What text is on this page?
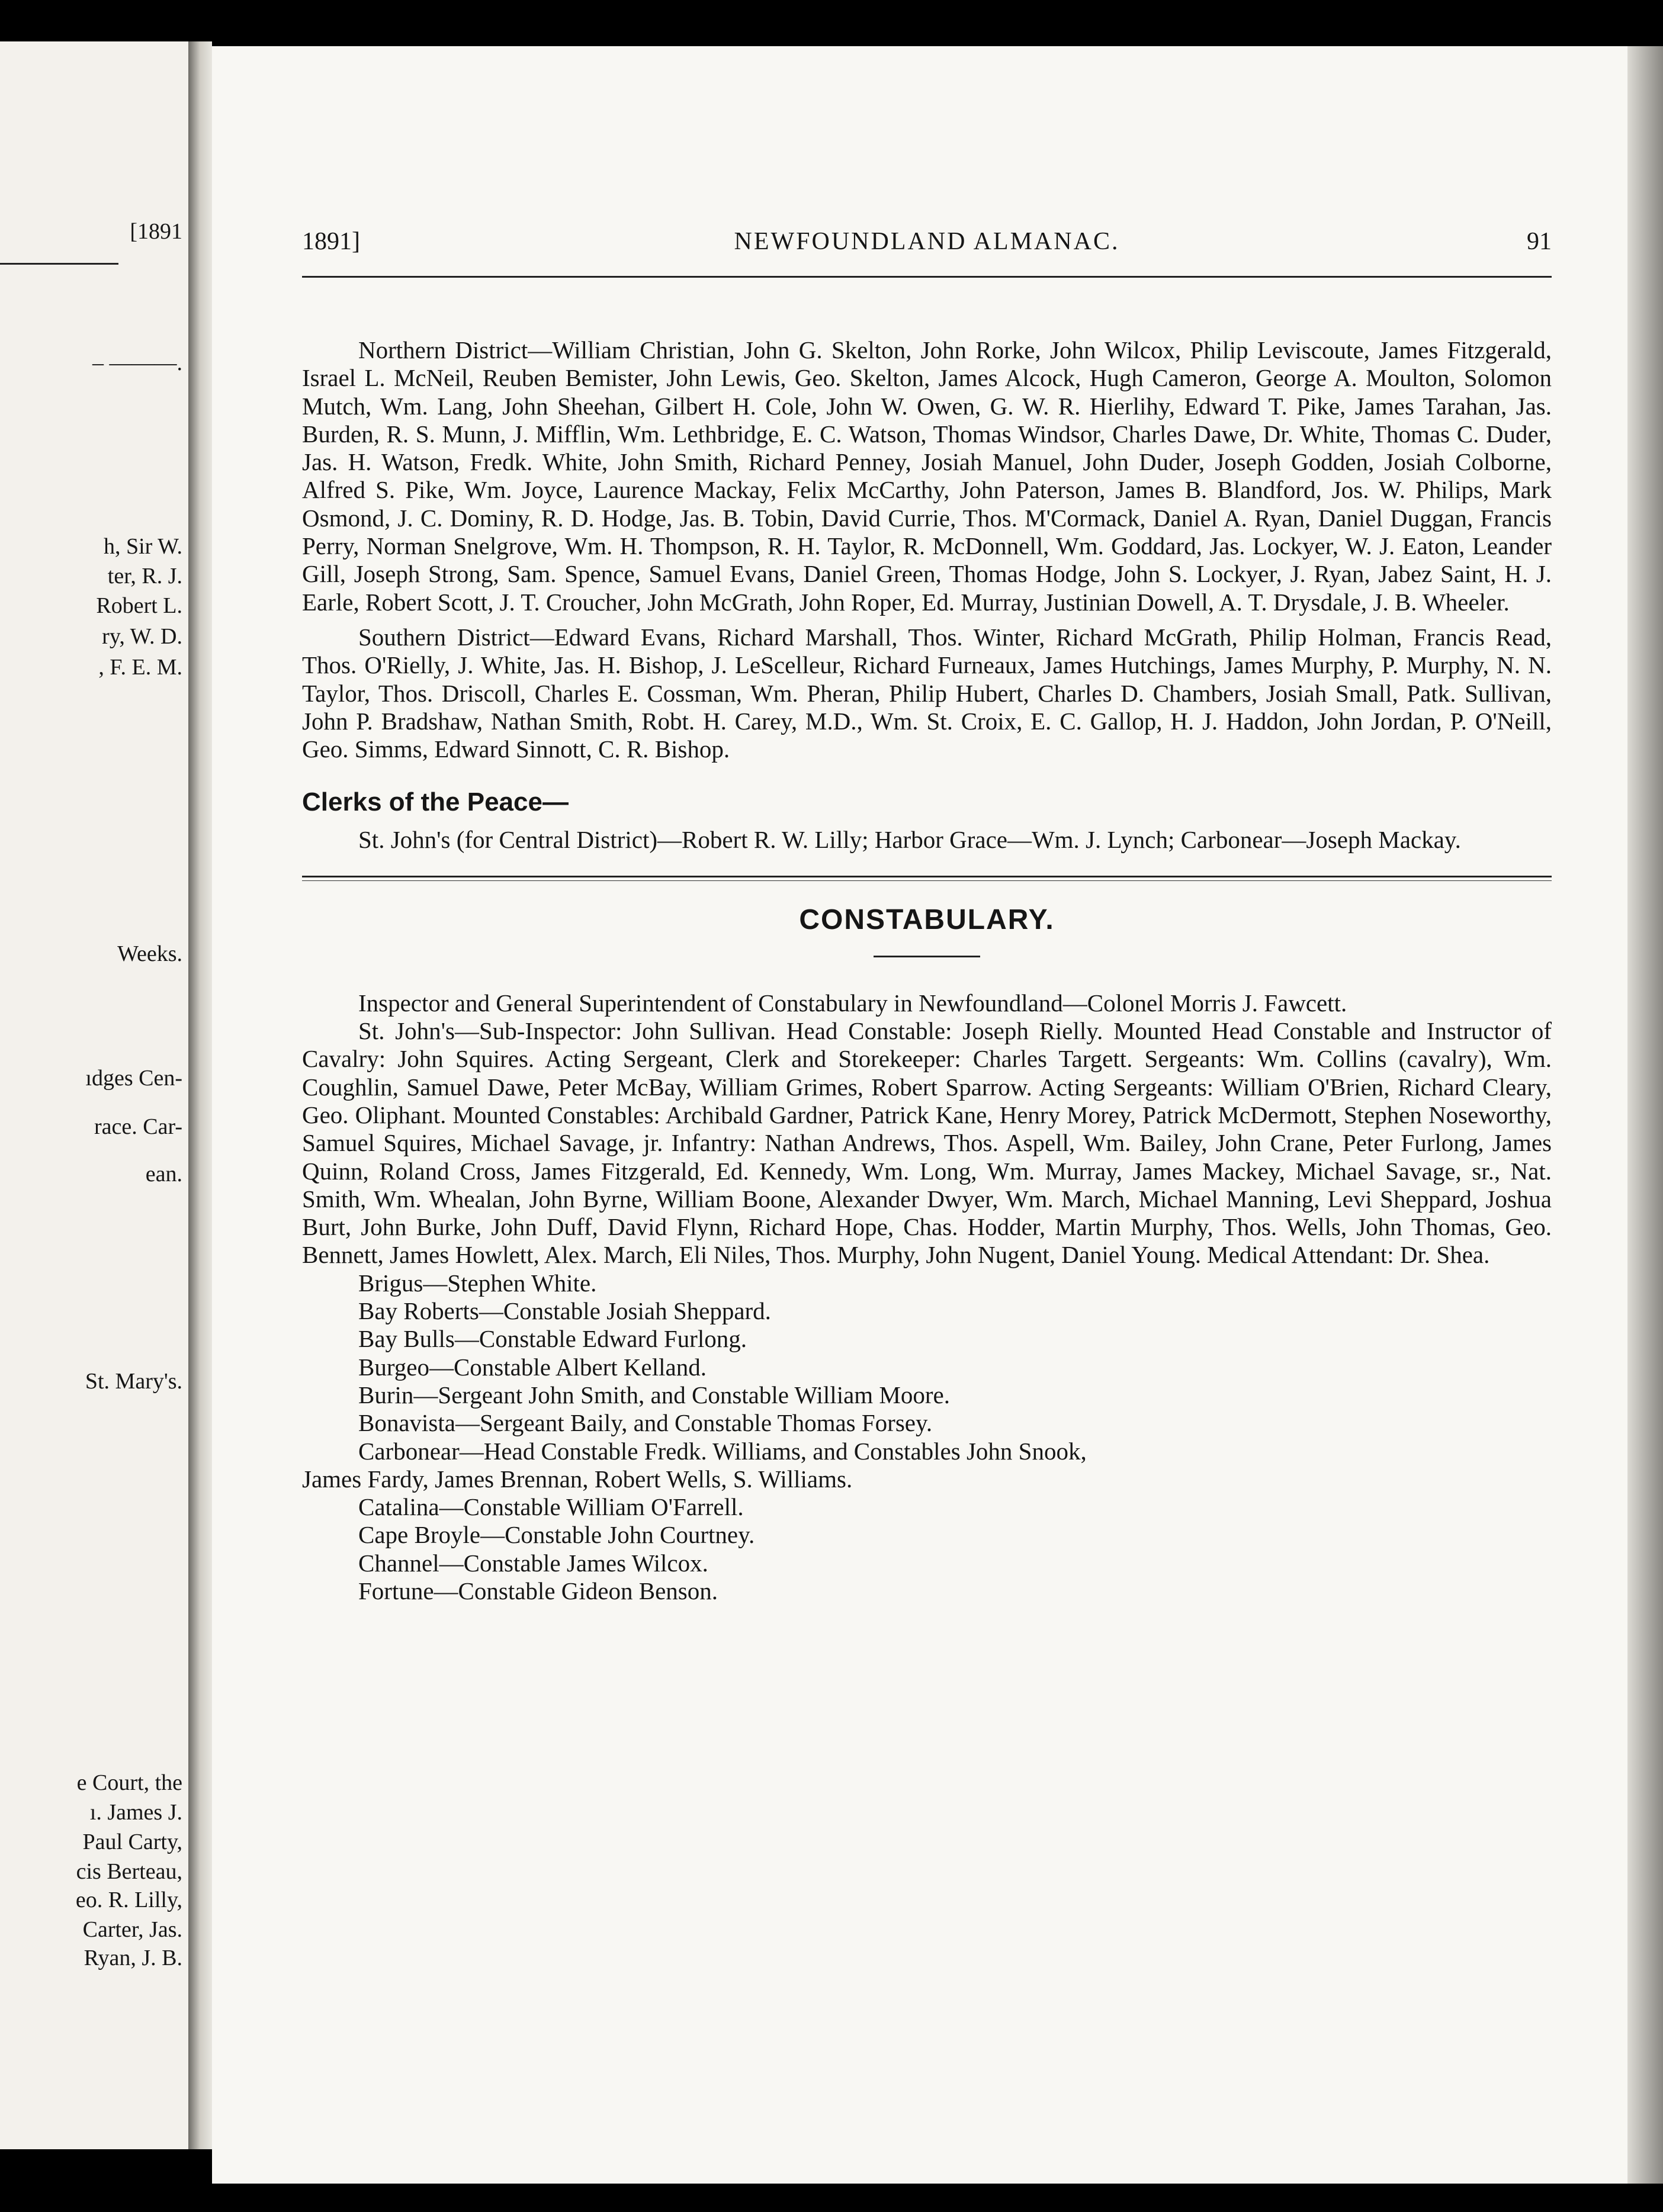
[1891
– ———.
h, Sir W.
ter, R. J.
Robert L.
ry, W. D.
, F. E. M.
Weeks.
ıdges Cen-
race. Car-
ean.
St. Mary's.
e Court, the
ı. James J.
Paul Carty,
cis Berteau,
eo. R. Lilly,
Carter, Jas.
Ryan, J. B.
1891]	NEWFOUNDLAND ALMANAC.	91

Northern District—William Christian, John G. Skelton, John Rorke, John Wilcox, Philip Leviscoute, James Fitzgerald, Israel L. McNeil, Reuben Bemister, John Lewis, Geo. Skelton, James Alcock, Hugh Cameron, George A. Moulton, Solomon Mutch, Wm. Lang, John Sheehan, Gilbert H. Cole, John W. Owen, G. W. R. Hierlihy, Edward T. Pike, James Tarahan, Jas. Burden, R. S. Munn, J. Mifflin, Wm. Lethbridge, E. C. Watson, Thomas Windsor, Charles Dawe, Dr. White, Thomas C. Duder, Jas. H. Watson, Fredk. White, John Smith, Richard Penney, Josiah Manuel, John Duder, Joseph Godden, Josiah Colborne, Alfred S. Pike, Wm. Joyce, Laurence Mackay, Felix McCarthy, John Paterson, James B. Blandford, Jos. W. Philips, Mark Osmond, J. C. Dominy, R. D. Hodge, Jas. B. Tobin, David Currie, Thos. M'Cormack, Daniel A. Ryan, Daniel Duggan, Francis Perry, Norman Snelgrove, Wm. H. Thompson, R. H. Taylor, R. McDonnell, Wm. Goddard, Jas. Lockyer, W. J. Eaton, Leander Gill, Joseph Strong, Sam. Spence, Samuel Evans, Daniel Green, Thomas Hodge, John S. Lockyer, J. Ryan, Jabez Saint, H. J. Earle, Robert Scott, J. T. Croucher, John McGrath, John Roper, Ed. Murray, Justinian Dowell, A. T. Drysdale, J. B. Wheeler.

Southern District—Edward Evans, Richard Marshall, Thos. Winter, Richard McGrath, Philip Holman, Francis Read, Thos. O'Rielly, J. White, Jas. H. Bishop, J. LeScelleur, Richard Furneaux, James Hutchings, James Murphy, P. Murphy, N. N. Taylor, Thos. Driscoll, Charles E. Cossman, Wm. Pheran, Philip Hubert, Charles D. Chambers, Josiah Small, Patk. Sullivan, John P. Bradshaw, Nathan Smith, Robt. H. Carey, M.D., Wm. St. Croix, E. C. Gallop, H. J. Haddon, John Jordan, P. O'Neill, Geo. Simms, Edward Sinnott, C. R. Bishop.

Clerks of the Peace—

St. John's (for Central District)—Robert R. W. Lilly; Harbor Grace—Wm. J. Lynch; Carbonear—Joseph Mackay.

CONSTABULARY.

Inspector and General Superintendent of Constabulary in Newfoundland—Colonel Morris J. Fawcett.

St. John's—Sub-Inspector: John Sullivan. Head Constable: Joseph Rielly. Mounted Head Constable and Instructor of Cavalry: John Squires. Acting Sergeant, Clerk and Storekeeper: Charles Targett. Sergeants: Wm. Collins (cavalry), Wm. Coughlin, Samuel Dawe, Peter McBay, William Grimes, Robert Sparrow. Acting Sergeants: William O'Brien, Richard Cleary, Geo. Oliphant. Mounted Constables: Archibald Gardner, Patrick Kane, Henry Morey, Patrick McDermott, Stephen Noseworthy, Samuel Squires, Michael Savage, jr. Infantry: Nathan Andrews, Thos. Aspell, Wm. Bailey, John Crane, Peter Furlong, James Quinn, Roland Cross, James Fitzgerald, Ed. Kennedy, Wm. Long, Wm. Murray, James Mackey, Michael Savage, sr., Nat. Smith, Wm. Whealan, John Byrne, William Boone, Alexander Dwyer, Wm. March, Michael Manning, Levi Sheppard, Joshua Burt, John Burke, John Duff, David Flynn, Richard Hope, Chas. Hodder, Martin Murphy, Thos. Wells, John Thomas, Geo. Bennett, James Howlett, Alex. March, Eli Niles, Thos. Murphy, John Nugent, Daniel Young. Medical Attendant: Dr. Shea.

Brigus—Stephen White.

Bay Roberts—Constable Josiah Sheppard.

Bay Bulls—Constable Edward Furlong.

Burgeo—Constable Albert Kelland.

Burin—Sergeant John Smith, and Constable William Moore.

Bonavista—Sergeant Baily, and Constable Thomas Forsey.

Carbonear—Head Constable Fredk. Williams, and Constables John Snook,

James Fardy, James Brennan, Robert Wells, S. Williams.

Catalina—Constable William O'Farrell.

Cape Broyle—Constable John Courtney.

Channel—Constable James Wilcox.

Fortune—Constable Gideon Benson.
